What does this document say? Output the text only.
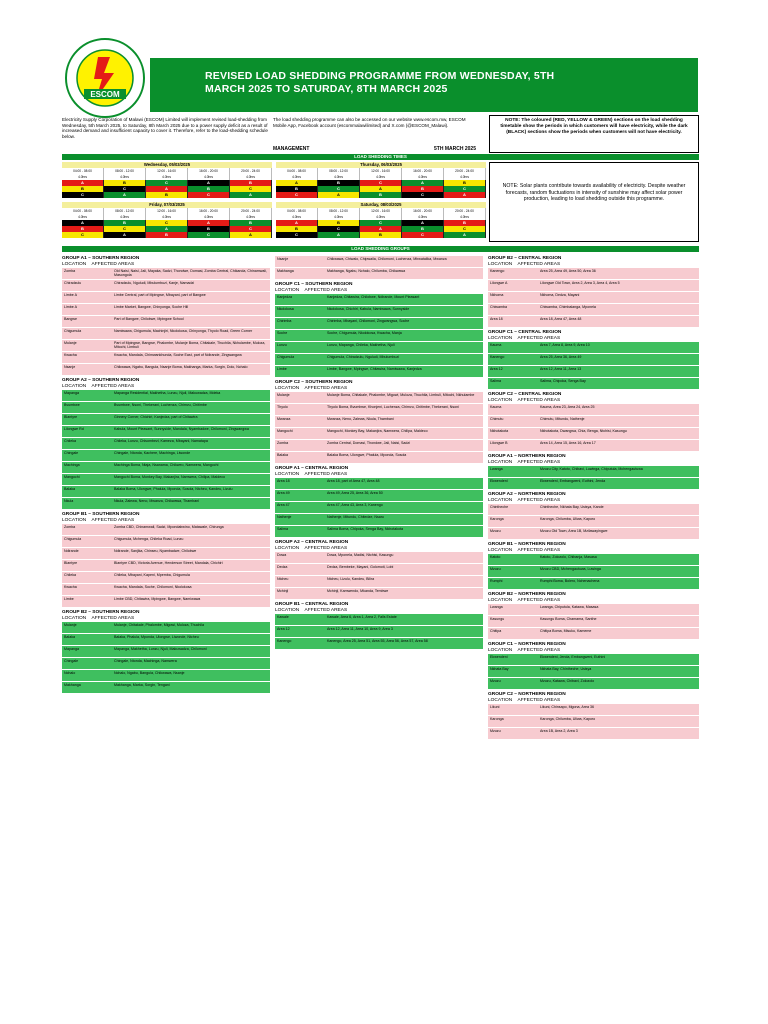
ESCOM
REVISED LOAD SHEDDING PROGRAMME FROM WEDNESDAY, 5TH
MARCH 2025 TO SATURDAY, 8TH MARCH 2025
Electricity Supply Corporation of Malawi (ESCOM) Limited will implement revised load-shedding from Wednesday, 5th March 2025, to Saturday, 8th March 2025 due to a power supply deficit as a result of increased demand and insufficient capacity to cover it. Therefore, refer to the load-shedding schedule below.
The load shedding programme can also be accessed on our website www.escom.mw, ESCOM Mobile App, Facebook account (escommalawilimited) and X.com (@ESCOM_Malawi).
MANAGEMENT	5TH MARCH 2025
NOTE: The coloured (RED, YELLOW & GREEN) sections on the load shedding timetable show the periods in which customers will have electricity, while the dark (BLACK) sections show the periods when customers will not have electricity.
NOTE: Solar plants contribute towards availability of electricity. Despite weather forecasts, random fluctuations in intensity of sunshine may affect solar power production, leading to load shedding outside this programme.
LOAD SHEDDING TIMES
Wednesday, 05/03/2025
04:00 - 08:00	08:00 - 12:00	12:00 - 16:00	16:00 - 20:00	20:00 - 24:00
4.0hrs	4.0hrs	4.0hrs	4.0hrs	4.0hrs
A	B	C	A	B
B	C	A	B	C
C	A	B	C	A
Thursday, 06/03/2025
04:00 - 08:00	08:00 - 12:00	12:00 - 16:00	16:00 - 20:00	20:00 - 24:00
4.0hrs	4.0hrs	4.0hrs	4.0hrs	4.0hrs
A	B	C	A	B
B	C	A	B	C
C	A	B	C	A
Friday, 07/03/2025
04:00 - 08:00	08:00 - 12:00	12:00 - 16:00	16:00 - 20:00	20:00 - 24:00
4.0hrs	4.0hrs	4.0hrs	4.0hrs	4.0hrs
A	B	C	A	B
B	C	A	B	C
C	A	B	C	A
Saturday, 08/03/2025
04:00 - 08:00	08:00 - 12:00	12:00 - 16:00	16:00 - 20:00	20:00 - 24:00
4.0hrs	4.0hrs	4.0hrs	4.0hrs	4.0hrs
A	B	C	A	B
B	C	A	B	C
C	A	B	C	A
LOAD SHEDDING GROUPS
GROUP A1 – SOUTHERN REGION
LOCATION    AFFECTED AREAS
Zomba	Old Naisi, Naisi, Jali, Mayaka, Sadzi, Thondwe, Domasi, Zomba Central, Chikanda, Chinamwali, Masongola
Chiradzulu	Chiradzulu, Nguludi, Mbulumbuzi, Kanje, Namadzi
Limbe A	Limbe Central, part of Mpingwe, Mbayani, part of Bangwe
Limbe A	Limbe Market, Bangwe, Chinyonga, Soche Hill
Bangwe	Part of Bangwe, Chilobwe, Mpingwe School
Chigumula	Namiwawa, Chigumula, Machinjiri, Nkolokosa, Chinyonga, Thyolo Road, Green Corner
Mulanje	Part of Mpingwe, Bangwe, Phalombe, Mulanje Boma, Chitakale, Thuchila, Nkhulambe, Muloza, Mitochi, Limbuli
Kwacha	Kwacha, Mandala, Chimwankhunda, Soche East, part of Ndirande, Zingwangwa
Nsanje	Chikwawa, Ngabu, Bangula, Nsanje Boma, Makhanga, Marka, Sorgin, Dolo, Nchalo
GROUP A2 – SOUTHERN REGION
LOCATION    AFFECTED AREAS
Mapanga	Mapanga Residential, Makhetha, Lunzu, Njuli, Makuwadza, Mdeka
Bvumbwe	Bvumbwe, Nsoni, Thekerani, Luchenza, Chimvu, Chitimbe
Blantyre	Ginnery Corner, Chichiri, Kanjedza, part of Chitawira
Lilongwe Rd	Kabula, Mount Pleasant, Sunnyside, Mandala, Nyambadwe, Chilomoni, Zingwangwa
Chileka	Chileka, Lunzu, Chisombezi, Kameza, Mbayani, Namatapa
Chingale	Chingale, Ntonda, Kachere, Machinga, Liwonde
Machinga	Machinga Boma, Ntaja, Nsanama, Chikweo, Namwera, Mangochi
Mangochi	Mangochi Boma, Monkey Bay, Makanjira, Namwera, Chilipa, Maldeco
Balaka	Balaka Boma, Ulongwe, Phalula, Mponda, Sosola, Ntcheu, Kandeu, Lizulu
Nkula	Nkula, Zalewa, Neno, Mwanza, Chikwawa, Thambani
GROUP B1 – SOUTHERN REGION
LOCATION    AFFECTED AREAS
Zomba	Zomba CBD, Chinamwali, Sadzi, Mpondabwino, Matawale, Chirunga
Chigumula	Chigumula, Mchenga, Chileka Road, Lunzu
Ndirande	Ndirande, Sanjika, Chinseu, Nyambadwe, Chilobwe
Blantyre	Blantyre CBD, Victoria Avenue, Henderson Street, Mandala, Chichiri
Chileka	Chileka, Mbayani, Kapeni, Mpemba, Chigumula
Kwacha	Kwacha, Mandala, Soche, Chilomoni, Nkolokosa
Limbe	Limbe CBD, Chitawira, Mpingwe, Bangwe, Namiwawa
GROUP B2 – SOUTHERN REGION
LOCATION    AFFECTED AREAS
Mulanje	Mulanje, Chitakale, Phalombe, Migowi, Muloza, Thuchila
Balaka	Balaka, Phalula, Mponda, Ulongwe, Liwonde, Ntcheu
Mapanga	Mapanga, Makhetha, Lunzu, Njuli, Makuwadza, Chilomoni
Chingale	Chingale, Ntonda, Machinga, Namwera
Nchalo	Nchalo, Ngabu, Bangula, Chikwawa, Nsanje
Makhanga	Makhanga, Marka, Sorgin, Tengani
Nsanje	Chikwawa, Chiwalo, Chipwaila, Chilomoni, Luchenza, Mbwatalika, Mwanza
Makhanga	Makhanga, Ngabu, Nchalo, Chilumba, Chikwawa
GROUP C1 – SOUTHERN REGION
LOCATION    AFFECTED AREAS
Kanjedza	Kanjedza, Chitawira, Chilobwe, Ndirande, Mount Pleasant
Nkolokosa	Nkolokosa, Chichiri, Kabula, Namiwawa, Sunnyside
Chirimba	Chirimba, Mbayani, Chilomoni, Zingwangwa, Soche
Soche	Soche, Chigumula, Nkolokosa, Kwacha, Manja
Lunzu	Lunzu, Mapanga, Chileka, Makhetha, Njuli
Chigumula	Chigumula, Chiradzulu, Nguludi, Mbulumbuzi
Limbe	Limbe, Bangwe, Mpingwe, Chitawira, Namiwawa, Kanjedza
GROUP C2 – SOUTHERN REGION
LOCATION    AFFECTED AREAS
Mulanje	Mulanje Boma, Chitakale, Phalombe, Migowi, Muloza, Thuchila, Limbuli, Mitochi, Nkhulambe
Thyolo	Thyolo Boma, Bvumbwe, Khonjeni, Luchenza, Chimvu, Chitimbe, Thekerani, Nsoni
Mwanza	Mwanza, Neno, Zalewa, Nkula, Thambani
Mangochi	Mangochi, Monkey Bay, Makanjira, Namwera, Chilipa, Maldeco
Zomba	Zomba Central, Domasi, Thondwe, Jali, Naisi, Sadzi
Balaka	Balaka Boma, Ulongwe, Phalula, Mponda, Sosola
GROUP A1 – CENTRAL REGION
LOCATION    AFFECTED AREAS
Area 18	Area 18, part of Area 47, Area 48
Area 49	Area 49, Area 25, Area 36, Area 50
Area 47	Area 47, Area 43, Area 3, Kanengo
Nathenje	Nathenje, Mitundu, Chitedze, Nsaru
Salima	Salima Boma, Chipoka, Senga Bay, Nkhotakota
GROUP A2 – CENTRAL REGION
LOCATION    AFFECTED AREAS
Dowa	Dowa, Mponela, Madisi, Ntchisi, Kasungu
Dedza	Dedza, Bembeke, Mayani, Golomoti, Lobi
Ntcheu	Ntcheu, Lizulu, Kandeu, Bilira
Mchinji	Mchinji, Kamwendo, Mkanda, Tembwe
GROUP B1 – CENTRAL REGION
LOCATION    AFFECTED AREAS
Kawale	Kawale, Area 6, Area 1, Area 2, Falls Estate
Area 12	Area 12, Area 11, Area 10, Area 9, Area 3
Kanengo	Kanengo, Area 25, Area 51, Area 55, Area 56, Area 57, Area 58
GROUP B2 – CENTRAL REGION
LOCATION    AFFECTED AREAS
Kanengo	Area 25, Area 49, Area 50, Area 36
Lilongwe A	Lilongwe Old Town, Area 2, Area 3, Area 4, Area 5
Nkhoma	Nkhoma, Dedza, Mayani
Chiwamba	Chiwamba, Chimbalanga, Mponela
Area 18	Area 18, Area 47, Area 48
GROUP C1 – CENTRAL REGION
LOCATION    AFFECTED AREAS
Kauma	Area 7, Area 8, Area 9, Area 10
Kanengo	Area 25, Area 36, Area 49
Area 12	Area 12, Area 11, Area 13
Salima	Salima, Chipoka, Senga Bay
GROUP C2 – CENTRAL REGION
LOCATION    AFFECTED AREAS
Kauma	Kauma, Area 23, Area 24, Area 25
Chimutu	Chimutu, Mitundu, Nathenje
Nkhotakota	Nkhotakota, Dwangwa, Chia, Benga, Ntchisi, Kasungu
Lilongwe B	Area 14, Area 15, Area 16, Area 17
GROUP A1 – NORTHERN REGION
LOCATION    AFFECTED AREAS
Lwanga	Mzuzu City, Katoto, Chibavi, Luwinga, Chiputula, Mchengautuwa
Ekwendeni	Ekwendeni, Embangweni, Euthini, Jenda
GROUP A2 – NORTHERN REGION
LOCATION    AFFECTED AREAS
Chintheche	Chintheche, Nkhata Bay, Usisya, Kande
Karonga	Karonga, Chilumba, Uliwa, Kaporo
Mzuzu	Mzuzu Old Town, Area 1B, Mzilawayingwe
GROUP B1 – NORTHERN REGION
LOCATION    AFFECTED AREAS
Katoto	Katoto, Zolozolo, Chibanja, Masasa
Mzuzu	Mzuzu CBD, Mchengautuwa, Luwinga
Rumphi	Rumphi Boma, Bolero, Nchenachena
GROUP B2 – NORTHERN REGION
LOCATION    AFFECTED AREAS
Lwanga	Lwanga, Chiputula, Katawa, Masasa
Kasungu	Kasungu Boma, Chamama, Santhe
Chitipa	Chitipa Boma, Misuku, Kameme
GROUP C1 – NORTHERN REGION
LOCATION    AFFECTED AREAS
Ekwendeni	Ekwendeni, Jenda, Embangweni, Euthini
Nkhata Bay	Nkhata Bay, Chintheche, Usisya
Mzuzu	Mzuzu, Katawa, Chibavi, Zolozolo
GROUP C2 – NORTHERN REGION
LOCATION    AFFECTED AREAS
Likuni	Likuni, Chinsapo, Mgona, Area 36
Karonga	Karonga, Chilumba, Uliwa, Kaporo
Mzuzu	Area 1B, Area 2, Area 3
